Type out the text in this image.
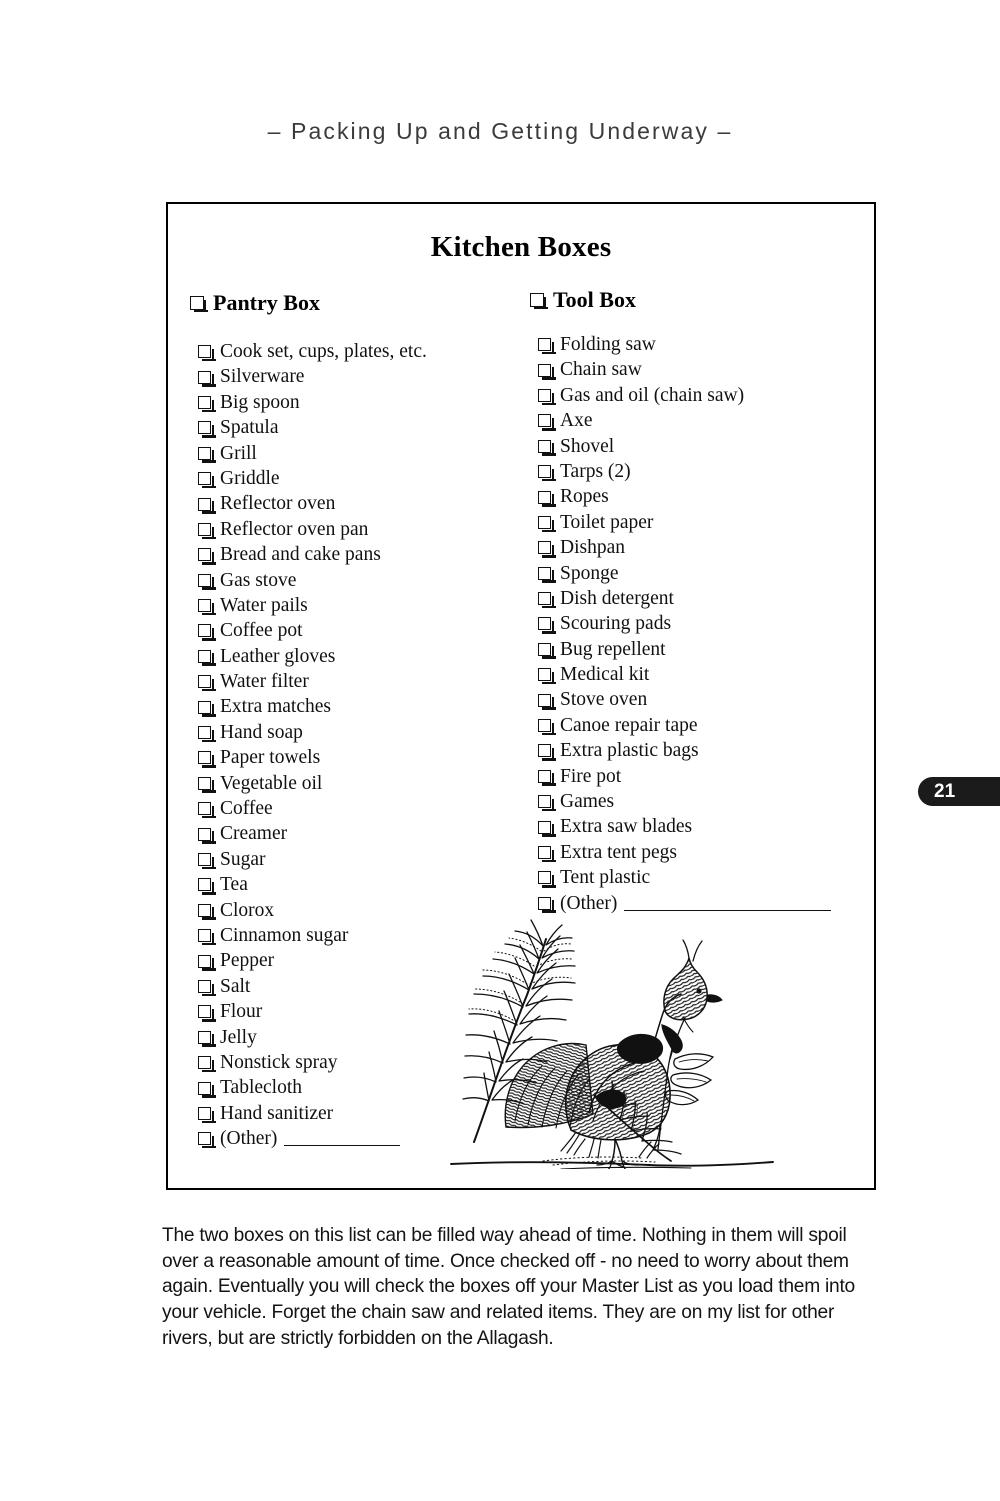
– Packing Up and Getting Underway –
Kitchen Boxes
Pantry Box
Cook set, cups, plates, etc.
Silverware
Big spoon
Spatula
Grill
Griddle
Reflector oven
Reflector oven pan
Bread and cake pans
Gas stove
Water pails
Coffee pot
Leather gloves
Water filter
Extra matches
Hand soap
Paper towels
Vegetable oil
Coffee
Creamer
Sugar
Tea
Clorox
Cinnamon sugar
Pepper
Salt
Flour
Jelly
Nonstick spray
Tablecloth
Hand sanitizer
(Other)
Tool Box
Folding saw
Chain saw
Gas and oil (chain saw)
Axe
Shovel
Tarps (2)
Ropes
Toilet paper
Dishpan
Sponge
Dish detergent
Scouring pads
Bug repellent
Medical kit
Stove oven
Canoe repair tape
Extra plastic bags
Fire pot
Games
Extra saw blades
Extra tent pegs
Tent plastic
(Other)
21

The two boxes on this list can be filled way ahead of time. Nothing in them will spoil over a reasonable amount of time. Once checked off - no need to worry about them again. Eventually you will check the boxes off your Master List as you load them into your vehicle. Forget the chain saw and related items. They are on my list for other rivers, but are strictly forbidden on the Allagash.
